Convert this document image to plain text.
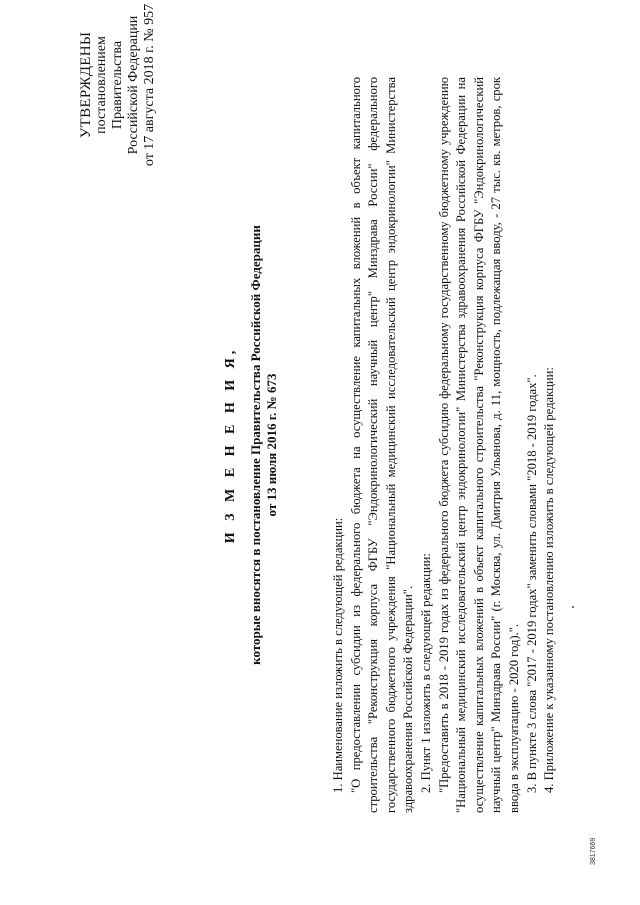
УТВЕРЖДЕНЫ постановлением Правительства Российской Федерации от 17 августа 2018 г. № 957
И З М Е Н Е Н И Я, которые вносятся в постановление Правительства Российской Федерации от 13 июля 2016 г. № 673

1. Наименование изложить в следующей редакции: "О предоставлении субсидии из федерального бюджета на осуществление капитальных вложений в объект капитального строительства "Реконструкция корпуса ФГБУ "Эндокринологический научный центр" Минздрава России" федерального государственного бюджетного учреждения "Национальный медицинский исследовательский центр эндокринологии" Министерства здравоохранения Российской Федерации". 2. Пункт 1 изложить в следующей редакции: "Предоставить в 2018 - 2019 годах из федерального бюджета субсидию федеральному государственному бюджетному учреждению "Национальный медицинский исследовательский центр эндокринологии" Министерства здравоохранения Российской Федерации на осуществление капитальных вложений в объект капитального строительства "Реконструкция корпуса ФГБУ "Эндокринологический научный центр" Минздрава России" (г. Москва, ул. Дмитрия Ульянова, д. 11, мощность, подлежащая вводу, - 27 тыс. кв. метров, срок ввода в эксплуатацию - 2020 год).". 3. В пункте 3 слова "2017 - 2019 годах" заменить словами "2018 - 2019 годах". 4. Приложение к указанному постановлению изложить в следующей редакции:

3817669
